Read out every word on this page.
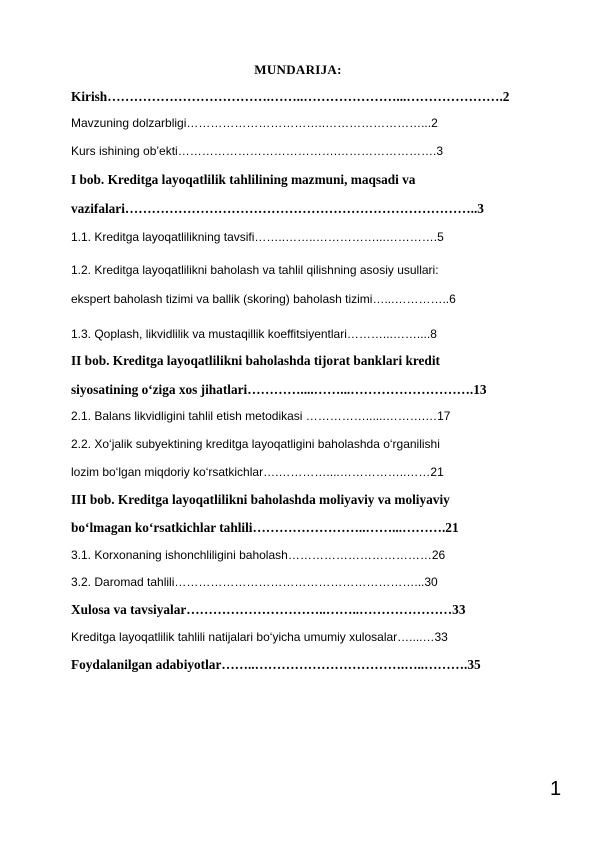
MUNDARIJA:
Kirish……………………………….……..…………………...………………….2
Mavzuning dolzarbligi……………………………..……………………...2
Kurs ishining ob’ekti………………………………….…………………….3
I bob. Kreditga layoqatlilik tahlilining mazmuni, maqsadi va
vazifalari……………………………………………………………………..3
1.1. Kreditga layoqatlilikning tavsifi……..……..……………...………….5
1.2. Kreditga layoqatlilikni baholash va tahlil qilishning asosiy usullari:
ekspert baholash tizimi va ballik (skoring) baholash tizimi…...…………..6
1.3. Qoplash, likvidlilik va mustaqillik koeffitsiyentlari………...……....8
II bob. Kreditga layoqatlilikni baholashda tijorat banklari kredit
siyosatining o‘ziga xos jihatlari…………....……...……………………….13
2.1. Balans likvidligini tahlil etish metodikasi ……………......……….…17
2.2. Xo‘jalik subyektining kreditga layoqatligini baholashda o‘rganilishi
lozim bo‘lgan miqdoriy ko‘rsatkichlar….…………....……………..……21
III bob. Kreditga layoqatlilikni baholashda moliyaviy va moliyaviy
bo‘lmagan ko‘rsatkichlar tahlili……………………..……...……….21
3.1. Korxonaning ishonchliligini baholash………………………………26
3.2. Daromad tahlili……………………………………………………...30
Xulosa va tavsiyalar…………………………..……..…………………33
Kreditga layoqatlilik tahlili natijalari bo‘yicha umumiy xulosalar…....…33
Foydalanilgan adabiyotlar……..…………………………….…..……….35
1
